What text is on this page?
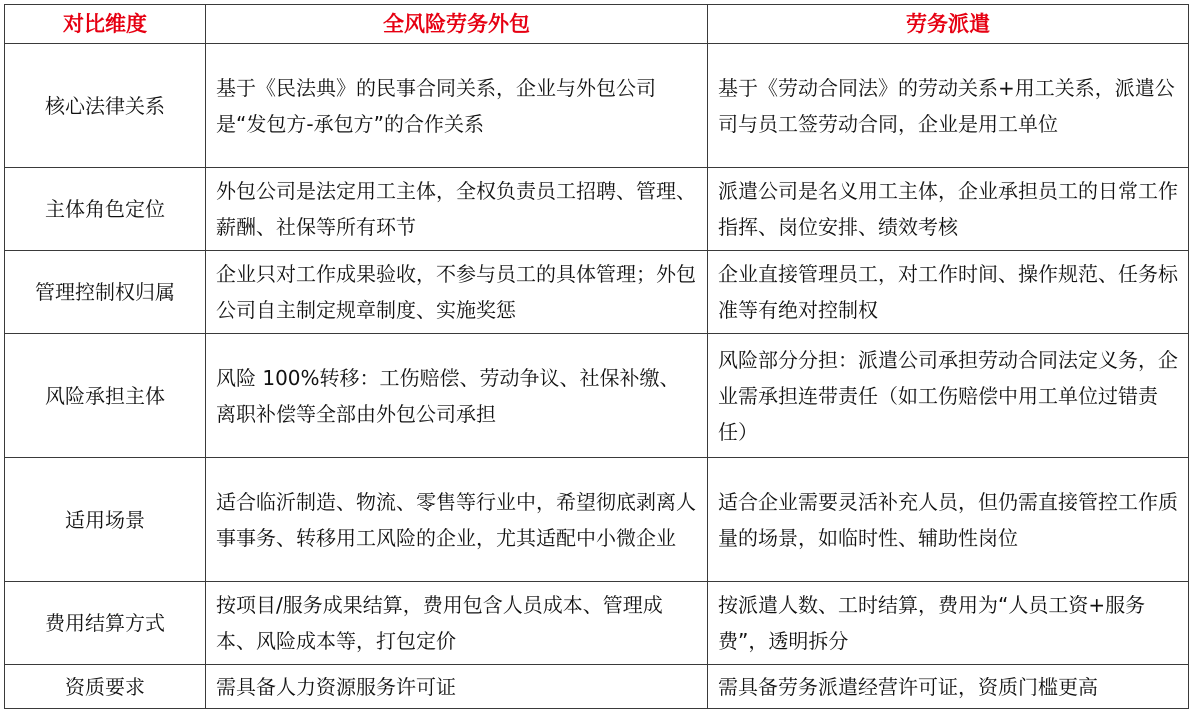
对比维度	全风险劳务外包	劳务派遣
核心法律关系	基于《民法典》的民事合同关系，企业与外包公司是“发包方-承包方”的合作关系	基于《劳动合同法》的劳动关系+用工关系，派遣公司与员工签劳动合同，企业是用工单位
主体角色定位	外包公司是法定用工主体，全权负责员工招聘、管理、薪酬、社保等所有环节	派遣公司是名义用工主体，企业承担员工的日常工作指挥、岗位安排、绩效考核
管理控制权归属	企业只对工作成果验收，不参与员工的具体管理；外包公司自主制定规章制度、实施奖惩	企业直接管理员工，对工作时间、操作规范、任务标准等有绝对控制权
风险承担主体	风险 100%转移：工伤赔偿、劳动争议、社保补缴、离职补偿等全部由外包公司承担	风险部分分担：派遣公司承担劳动合同法定义务，企业需承担连带责任（如工伤赔偿中用工单位过错责任）
适用场景	适合临沂制造、物流、零售等行业中，希望彻底剥离人事事务、转移用工风险的企业，尤其适配中小微企业	适合企业需要灵活补充人员，但仍需直接管控工作质量的场景，如临时性、辅助性岗位
费用结算方式	按项目/服务成果结算，费用包含人员成本、管理成本、风险成本等，打包定价	按派遣人数、工时结算，费用为“人员工资+服务费”，透明拆分
资质要求	需具备人力资源服务许可证	需具备劳务派遣经营许可证，资质门槛更高
